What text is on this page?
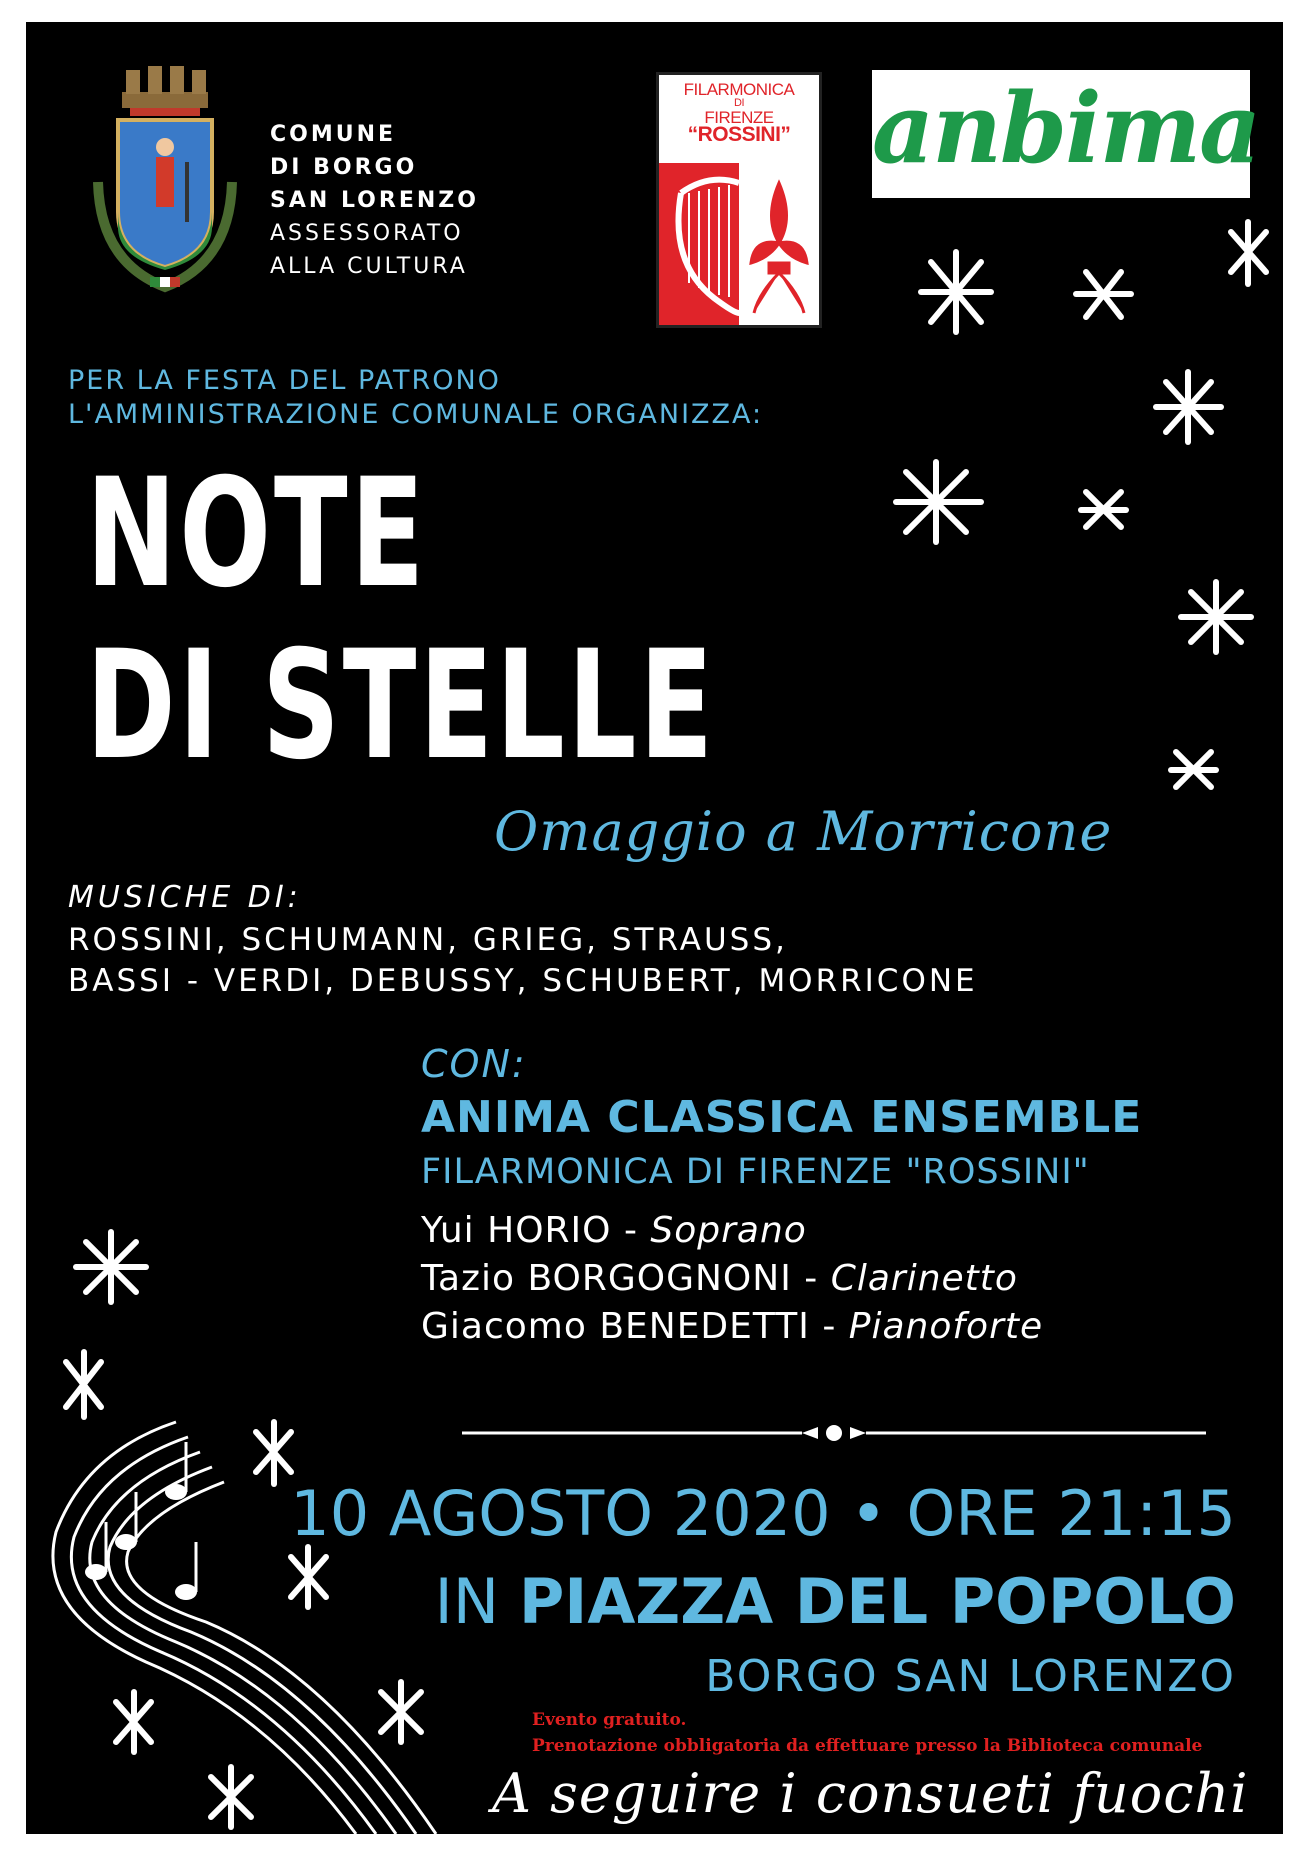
COMUNE
DI BORGO
SAN LORENZO
ASSESSORATO
ALLA CULTURA
FILARMONICA
DI
FIRENZE
“ROSSINI” anbima
PER LA FESTA DEL PATRONO
L'AMMINISTRAZIONE COMUNALE ORGANIZZA:
NOTE
DI STELLE
Omaggio a Morricone
MUSICHE DI:
ROSSINI, SCHUMANN, GRIEG, STRAUSS,
BASSI - VERDI, DEBUSSY, SCHUBERT, MORRICONE
CON:
ANIMA CLASSICA ENSEMBLE
FILARMONICA DI FIRENZE "ROSSINI"
Yui HORIO - Soprano
Tazio BORGOGNONI - Clarinetto
Giacomo BENEDETTI - Pianoforte
10 AGOSTO 2020 • ORE 21:15
IN PIAZZA DEL POPOLO
BORGO SAN LORENZO
Evento gratuito.
Prenotazione obbligatoria da effettuare presso la Biblioteca comunale
A seguire i consueti fuochi
